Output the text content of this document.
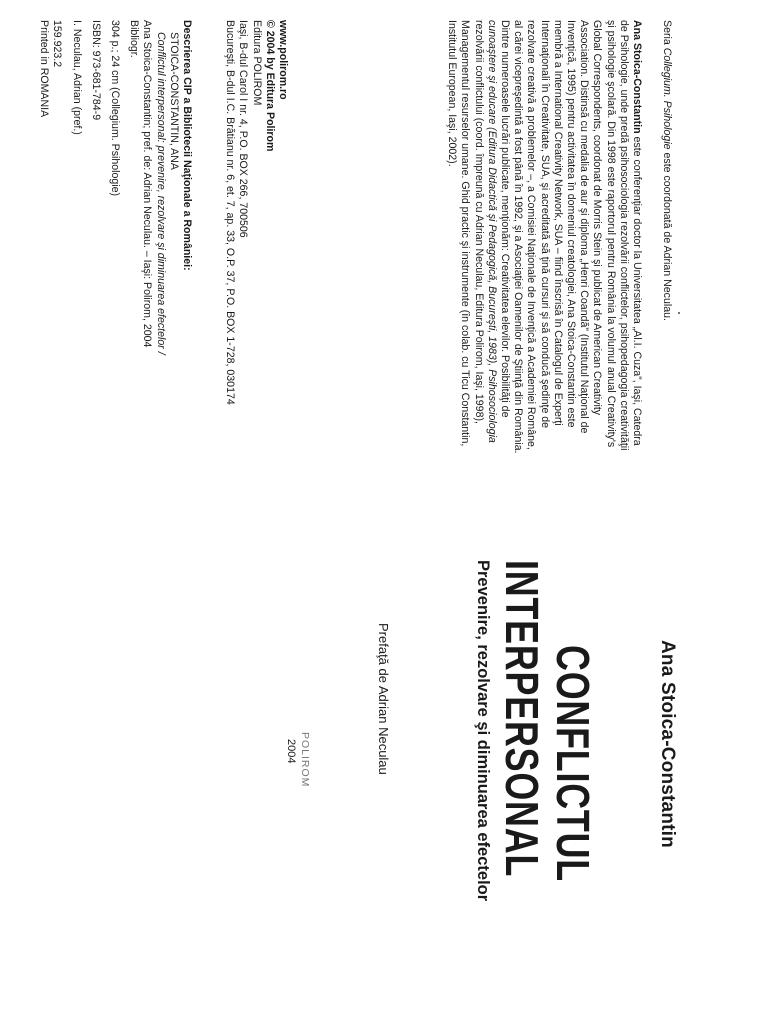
Seria Collegium. Psihologie este coordonată de Adrian Neculau.
Ana Stoica-Constantin este conferenţiar doctor la Universitatea „Al.I. Cuza”, Iaşi, Catedra
de Psihologie, unde predă psihosociologia rezolvării conflictelor, psihopedagogia creativităţii
şi psihologie şcolară. Din 1998 este raportorul pentru România la volumul anual Creativity's
Global Correspondents, coordonat de Morris Stein şi publicat de American Creativity
Association. Distinsă cu medalia de aur şi diploma „Henri Coandă” (Institutul Naţional de
Invenţică, 1995) pentru activitatea în domeniul creatologiei, Ana Stoica-Constantin este
membră a International Creativity Network, SUA – fiind înscrisă în Catalogul de Experţi
Internaţionali în Creativitate, SUA, şi acreditată să ţină cursuri şi să conducă şedinţe de
rezolvare creativă a problemelor –, a Comisiei Naţionale de Invenţică a Academiei Române,
al cărei vicepreşedintă a fost până în 1992, şi a Asociaţiei Oamenilor de Ştiinţă din România.
Dintre numeroasele lucrări publicate, menţionăm: Creativitatea elevilor. Posibilităţi de
cunoaştere şi educare (Editura Didactică şi Pedagogică, Bucureşti, 1983), Psihosociologia
rezolvării conflictului (coord. împreună cu Adrian Neculau, Editura Polirom, Iaşi, 1998),
Managementul resurselor umane. Ghid practic şi instrumente (în colab. cu Ticu Constantin,
Institutul European, Iaşi, 2002).
www.polirom.ro
© 2004 by Editura Polirom
Editura POLIROM
Iaşi, B-dul Carol I nr. 4, P.O. BOX 266, 700506
Bucureşti, B-dul I.C. Brătianu nr. 6, et. 7, ap. 33, O.P. 37, P.O. BOX 1-728, 030174
Descrierea CIP a Bibliotecii Naţionale a României:
STOICA-CONSTANTIN, ANA
Conflictul interpersonal: prevenire, rezolvare şi diminuarea efectelor /
Ana Stoica-Constantin; pref. de: Adrian Neculau. – Iaşi: Polirom, 2004
Bibliogr.
304 p.; 24 cm (Collegium. Psihologie)
ISBN: 973-681-784-9
I. Neculau, Adrian (pref.)
159.923.2
Printed in ROMANIA
Ana Stoica-Constantin
CONFLICTUL
INTERPERSONAL
Prevenire, rezolvare şi diminuarea efectelor
Prefaţă de Adrian Neculau
POLIROM
2004
